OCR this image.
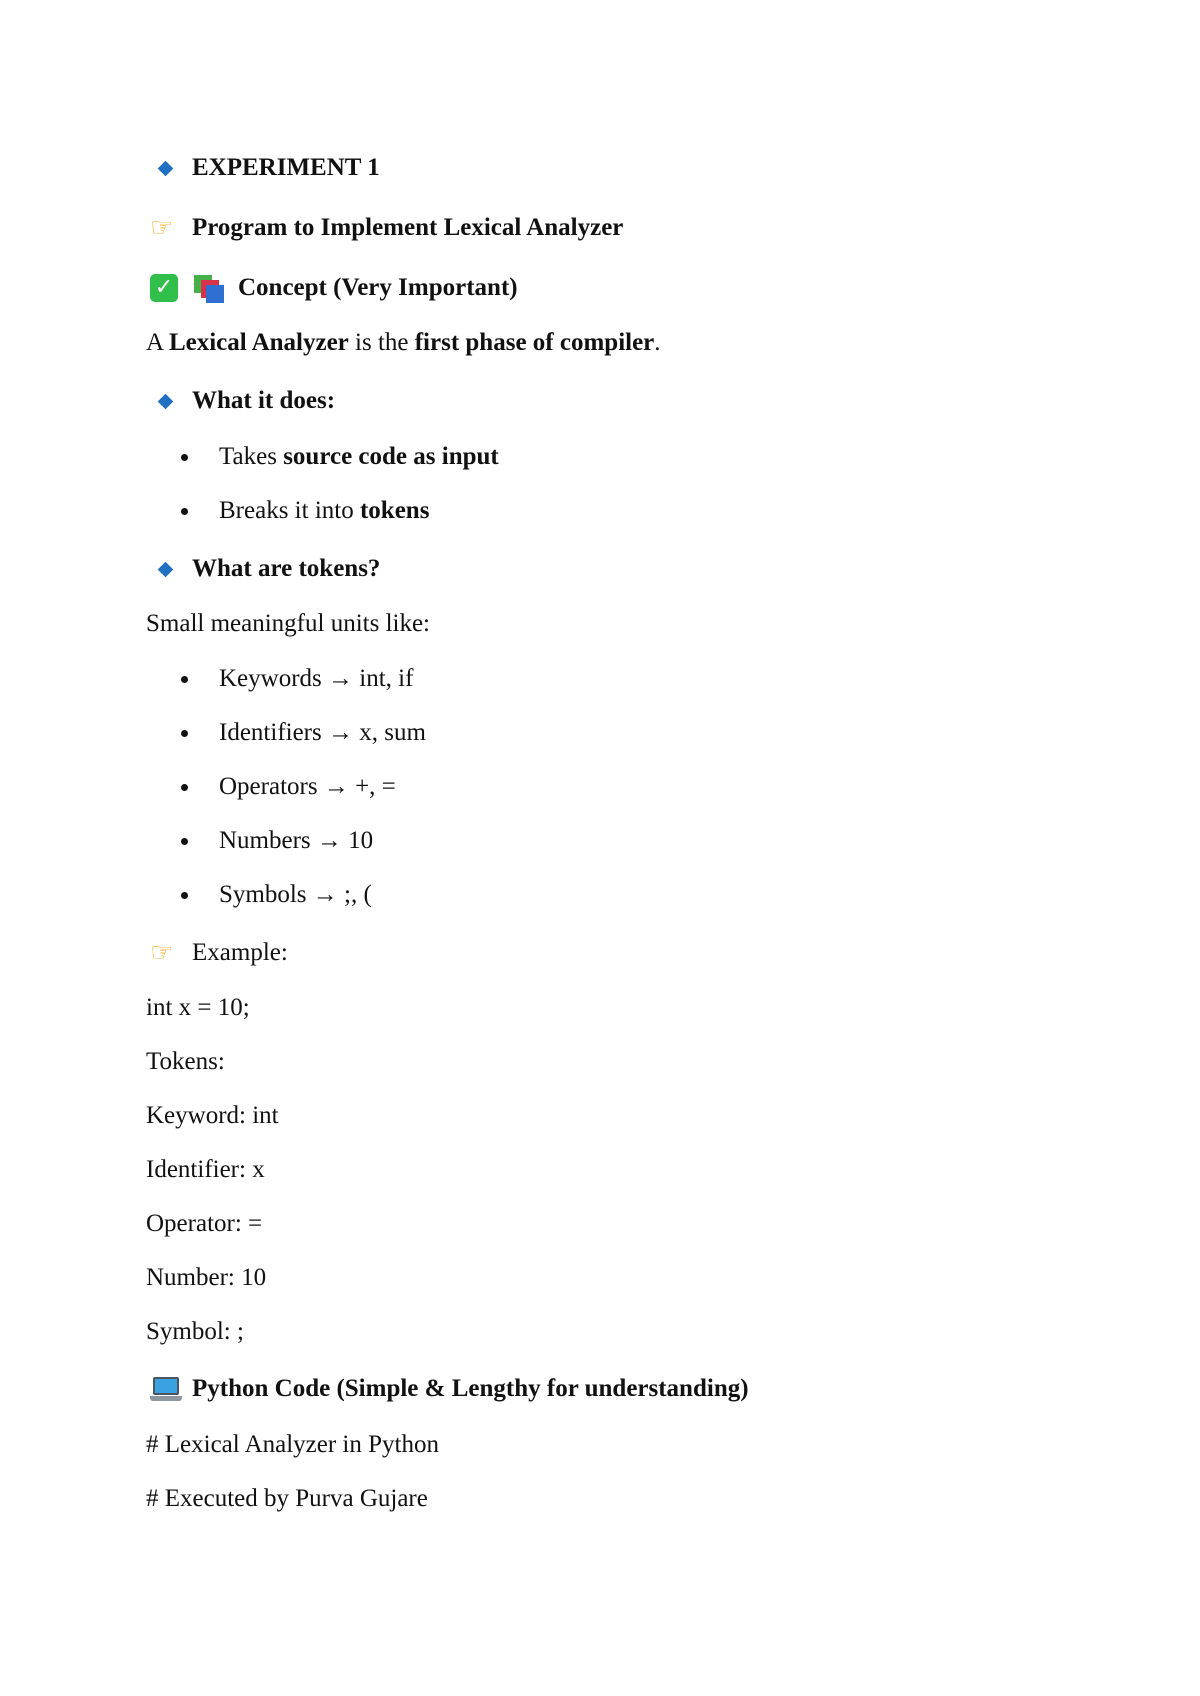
EXPERIMENT 1
☞ Program to Implement Lexical Analyzer
✓	Concept (Very Important)
A Lexical Analyzer is the first phase of compiler.
What it does:
Takes source code as input
Breaks it into tokens
What are tokens?
Small meaningful units like:
Keywords → int, if
Identifiers → x, sum
Operators → +, =
Numbers → 10
Symbols → ;, (
☞ Example:
int x = 10;
Tokens:
Keyword: int
Identifier: x
Operator: =
Number: 10
Symbol: ;
Python Code (Simple & Lengthy for understanding)
# Lexical Analyzer in Python
# Executed by Purva Gujare
